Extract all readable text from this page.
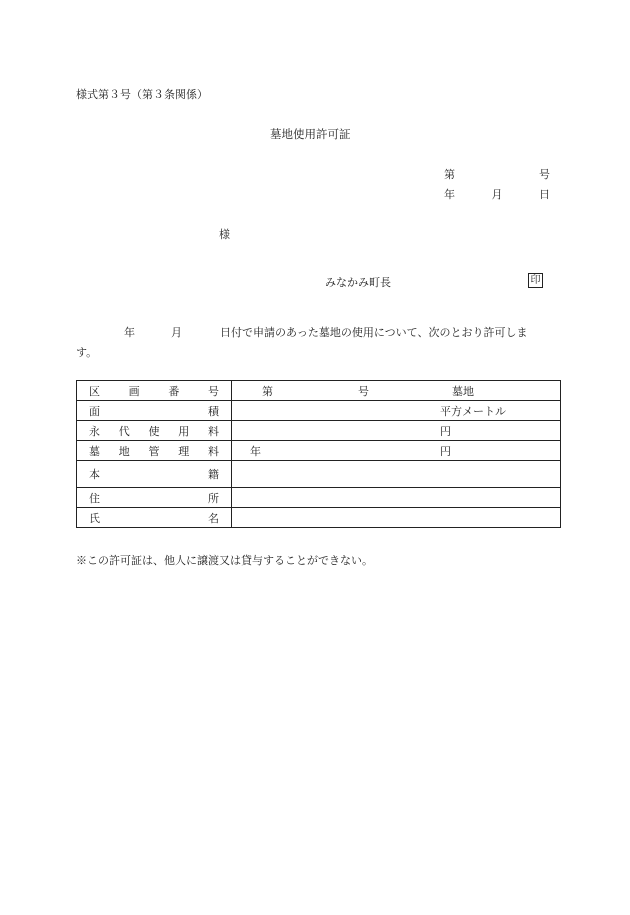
様式第３号（第３条関係）
墓地使用許可証
第	号
年	月	日
様
みなかみ町長	印
年	月	日付で申請のあった墓地の使用について、次のとおり許可しま
す。
区 画 番 号	第 号 墓地

面 積	平方メートル

永 代 使 用 料	円

墓 地 管 理 料	年 円

本 籍	

住 所	

氏 名	

※この許可証は、他人に譲渡又は貸与することができない。
